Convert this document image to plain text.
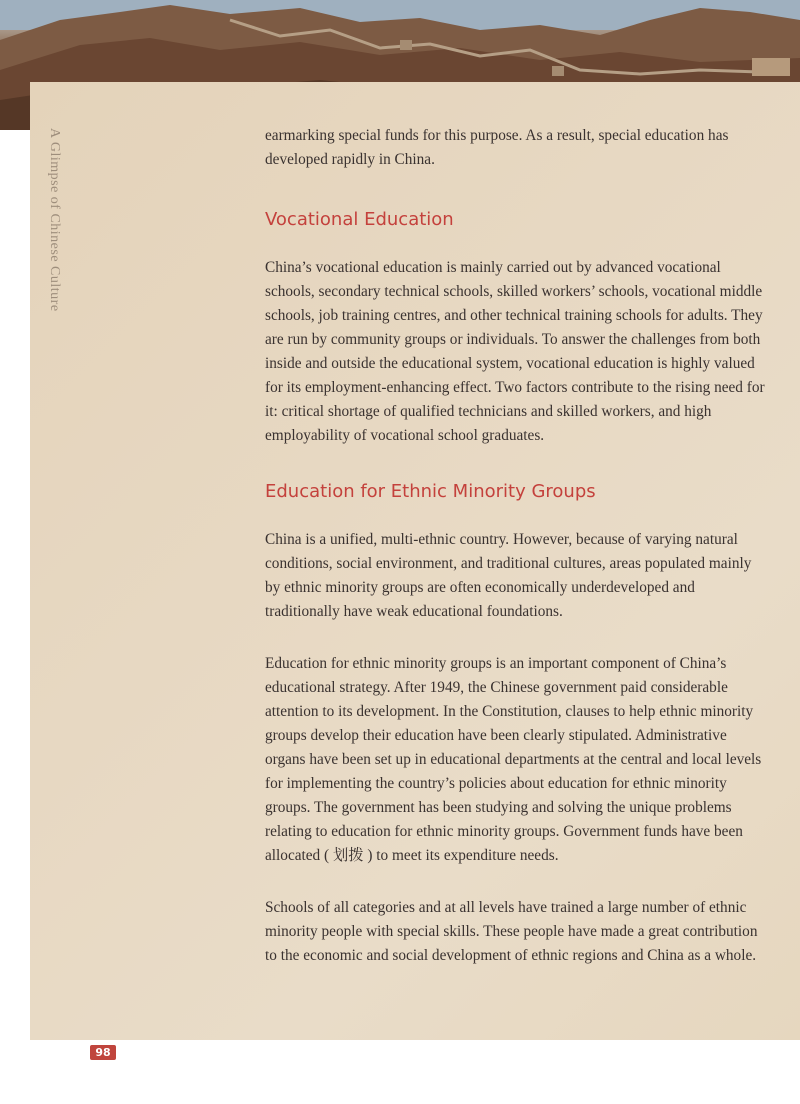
A Glimpse of Chinese Culture	earmarking special funds for this purpose. As a result, special education has developed rapidly in China.

Vocational Education

China’s vocational education is mainly carried out by advanced vocational schools, secondary technical schools, skilled workers’ schools, vocational middle schools, job training centres, and other technical training schools for adults. They are run by community groups or individuals. To answer the challenges from both inside and outside the educational system, vocational education is highly valued for its employment-enhancing effect. Two factors contribute to the rising need for it: critical shortage of qualified technicians and skilled workers, and high employability of vocational school graduates.

Education for Ethnic Minority Groups

China is a unified, multi-ethnic country. However, because of varying natural conditions, social environment, and traditional cultures, areas populated mainly by ethnic minority groups are often economically underdeveloped and traditionally have weak educational foundations.

Education for ethnic minority groups is an important component of China’s educational strategy. After 1949, the Chinese government paid considerable attention to its development. In the Constitution, clauses to help ethnic minority groups develop their education have been clearly stipulated. Administrative organs have been set up in educational departments at the central and local levels for implementing the country’s policies about education for ethnic minority groups. The government has been studying and solving the unique problems relating to education for ethnic minority groups. Government funds have been allocated ( 划拨 ) to meet its expenditure needs.

Schools of all categories and at all levels have trained a large number of ethnic minority people with special skills. These people have made a great contribution to the economic and social development of ethnic regions and China as a whole.

98
